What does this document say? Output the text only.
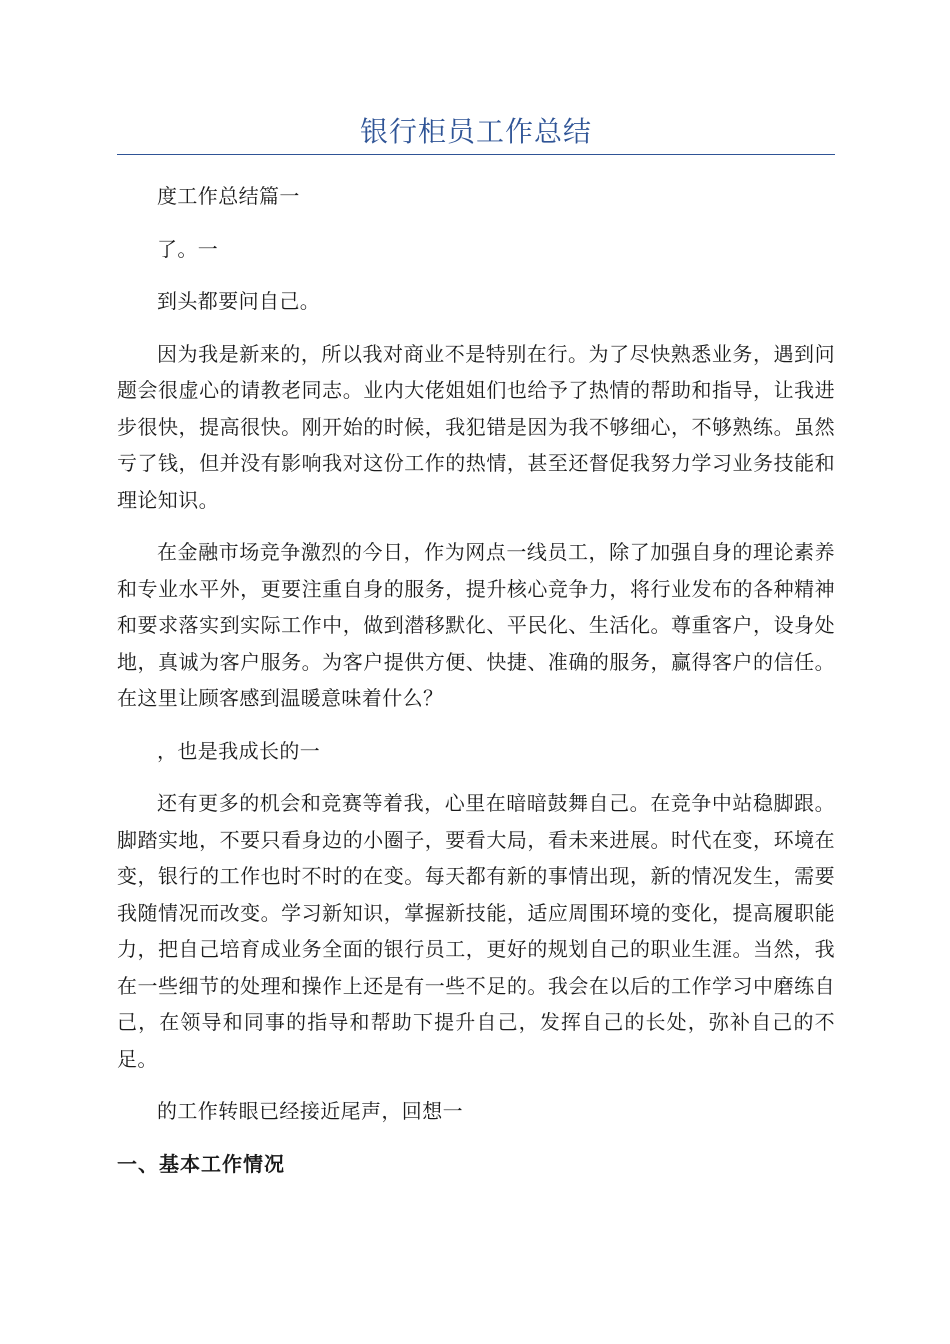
银行柜员工作总结

度工作总结篇一

了。一

到头都要问自己。

因为我是新来的，所以我对商业不是特别在行。为了尽快熟悉业务，遇到问题会很虚心的请教老同志。业内大佬姐姐们也给予了热情的帮助和指导，让我进步很快，提高很快。刚开始的时候，我犯错是因为我不够细心，不够熟练。虽然亏了钱，但并没有影响我对这份工作的热情，甚至还督促我努力学习业务技能和理论知识。

在金融市场竞争激烈的今日，作为网点一线员工，除了加强自身的理论素养和专业水平外，更要注重自身的服务，提升核心竞争力，将行业发布的各种精神和要求落实到实际工作中，做到潜移默化、平民化、生活化。尊重客户，设身处地，真诚为客户服务。为客户提供方便、快捷、准确的服务，赢得客户的信任。在这里让顾客感到温暖意味着什么？

，也是我成长的一

还有更多的机会和竞赛等着我，心里在暗暗鼓舞自己。在竞争中站稳脚跟。脚踏实地，不要只看身边的小圈子，要看大局，看未来进展。时代在变，环境在变，银行的工作也时不时的在变。每天都有新的事情出现，新的情况发生，需要我随情况而改变。学习新知识，掌握新技能，适应周围环境的变化，提高履职能力，把自己培育成业务全面的银行员工，更好的规划自己的职业生涯。当然，我在一些细节的处理和操作上还是有一些不足的。我会在以后的工作学习中磨练自己，在领导和同事的指导和帮助下提升自己，发挥自己的长处，弥补自己的不足。

的工作转眼已经接近尾声，回想一

一、基本工作情况
